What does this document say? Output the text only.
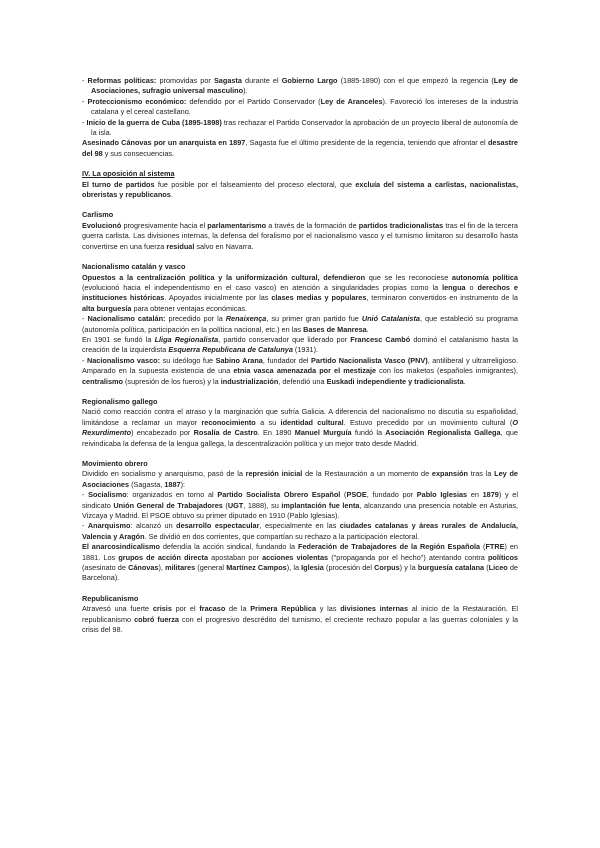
- Reformas políticas: promovidas por Sagasta durante el Gobierno Largo (1885-1890) con el que empezó la regencia (Ley de Asociaciones, sufragio universal masculino).

- Proteccionismo económico: defendido por el Partido Conservador (Ley de Aranceles). Favoreció los intereses de la industria catalana y el cereal castellano.

- Inicio de la guerra de Cuba (1895-1898) tras rechazar el Partido Conservador la aprobación de un proyecto liberal de autonomía de la isla.

Asesinado Cánovas por un anarquista en 1897, Sagasta fue el último presidente de la regencia, teniendo que afrontar el desastre del 98 y sus consecuencias.

IV. La oposición al sistema

El turno de partidos fue posible por el falseamiento del proceso electoral, que excluía del sistema a carlistas, nacionalistas, obreristas y republicanos.

Carlismo

Evolucionó progresivamente hacia el parlamentarismo a través de la formación de partidos tradicionalistas tras el fin de la tercera guerra carlista. Las divisiones internas, la defensa del foralismo por el nacionalismo vasco y el turnismo limitaron su desarrollo hasta convertirse en una fuerza residual salvo en Navarra.

Nacionalismo catalán y vasco

Opuestos a la centralización política y la uniformización cultural, defendieron que se les reconociese autonomía política (evolucionó hacia el independentismo en el caso vasco) en atención a singularidades propias como la lengua o derechos e instituciones históricas. Apoyados inicialmente por las clases medias y populares, terminaron convertidos en instrumento de la alta burguesía para obtener ventajas económicas.

- Nacionalismo catalán: precedido por la Renaixença, su primer gran partido fue Unió Catalanista, que estableció su programa (autonomía política, participación en la política nacional, etc.) en las Bases de Manresa.

En 1901 se fundó la Lliga Regionalista, partido conservador que liderado por Francesc Cambó dominó el catalanismo hasta la creación de la izquierdista Esquerra Republicana de Catalunya (1931).

- Nacionalismo vasco: su ideólogo fue Sabino Arana, fundador del Partido Nacionalista Vasco (PNV), antiliberal y ultrarreligioso. Amparado en la supuesta existencia de una etnia vasca amenazada por el mestizaje con los maketos (españoles inmigrantes), centralismo (supresión de los fueros) y la industrialización, defendió una Euskadi independiente y tradicionalista.

Regionalismo gallego

Nació como reacción contra el atraso y la marginación que sufría Galicia. A diferencia del nacionalismo no discutía su españolidad, limitándose a reclamar un mayor reconocimiento a su identidad cultural. Estuvo precedido por un movimiento cultural (O Rexurdimento) encabezado por Rosalía de Castro. En 1890 Manuel Murguía fundó la Asociación Regionalista Gallega, que reivindicaba la defensa de la lengua gallega, la descentralización política y un mejor trato desde Madrid.

Movimiento obrero

Dividido en socialismo y anarquismo, pasó de la represión inicial de la Restauración a un momento de expansión tras la Ley de Asociaciones (Sagasta, 1887):

- Socialismo: organizados en torno al Partido Socialista Obrero Español (PSOE, fundado por Pablo Iglesias en 1879) y el sindicato Unión General de Trabajadores (UGT, 1888), su implantación fue lenta, alcanzando una presencia notable en Asturias, Vizcaya y Madrid. El PSOE obtuvo su primer diputado en 1910 (Pablo Iglesias).

- Anarquismo: alcanzó un desarrollo espectacular, especialmente en las ciudades catalanas y áreas rurales de Andalucía, Valencia y Aragón. Se dividió en dos corrientes, que compartían su rechazo a la participación electoral.

El anarcosindicalismo defendía la acción sindical, fundando la Federación de Trabajadores de la Región Española (FTRE) en 1881. Los grupos de acción directa apostaban por acciones violentas ("propaganda por el hecho") atentando contra políticos (asesinato de Cánovas), militares (general Martínez Campos), la Iglesia (procesión del Corpus) y la burguesía catalana (Liceo de Barcelona).

Republicanismo

Atravesó una fuerte crisis por el fracaso de la Primera República y las divisiones internas al inicio de la Restauración. El republicanismo cobró fuerza con el progresivo descrédito del turnismo, el creciente rechazo popular a las guerras coloniales y la crisis del 98.
